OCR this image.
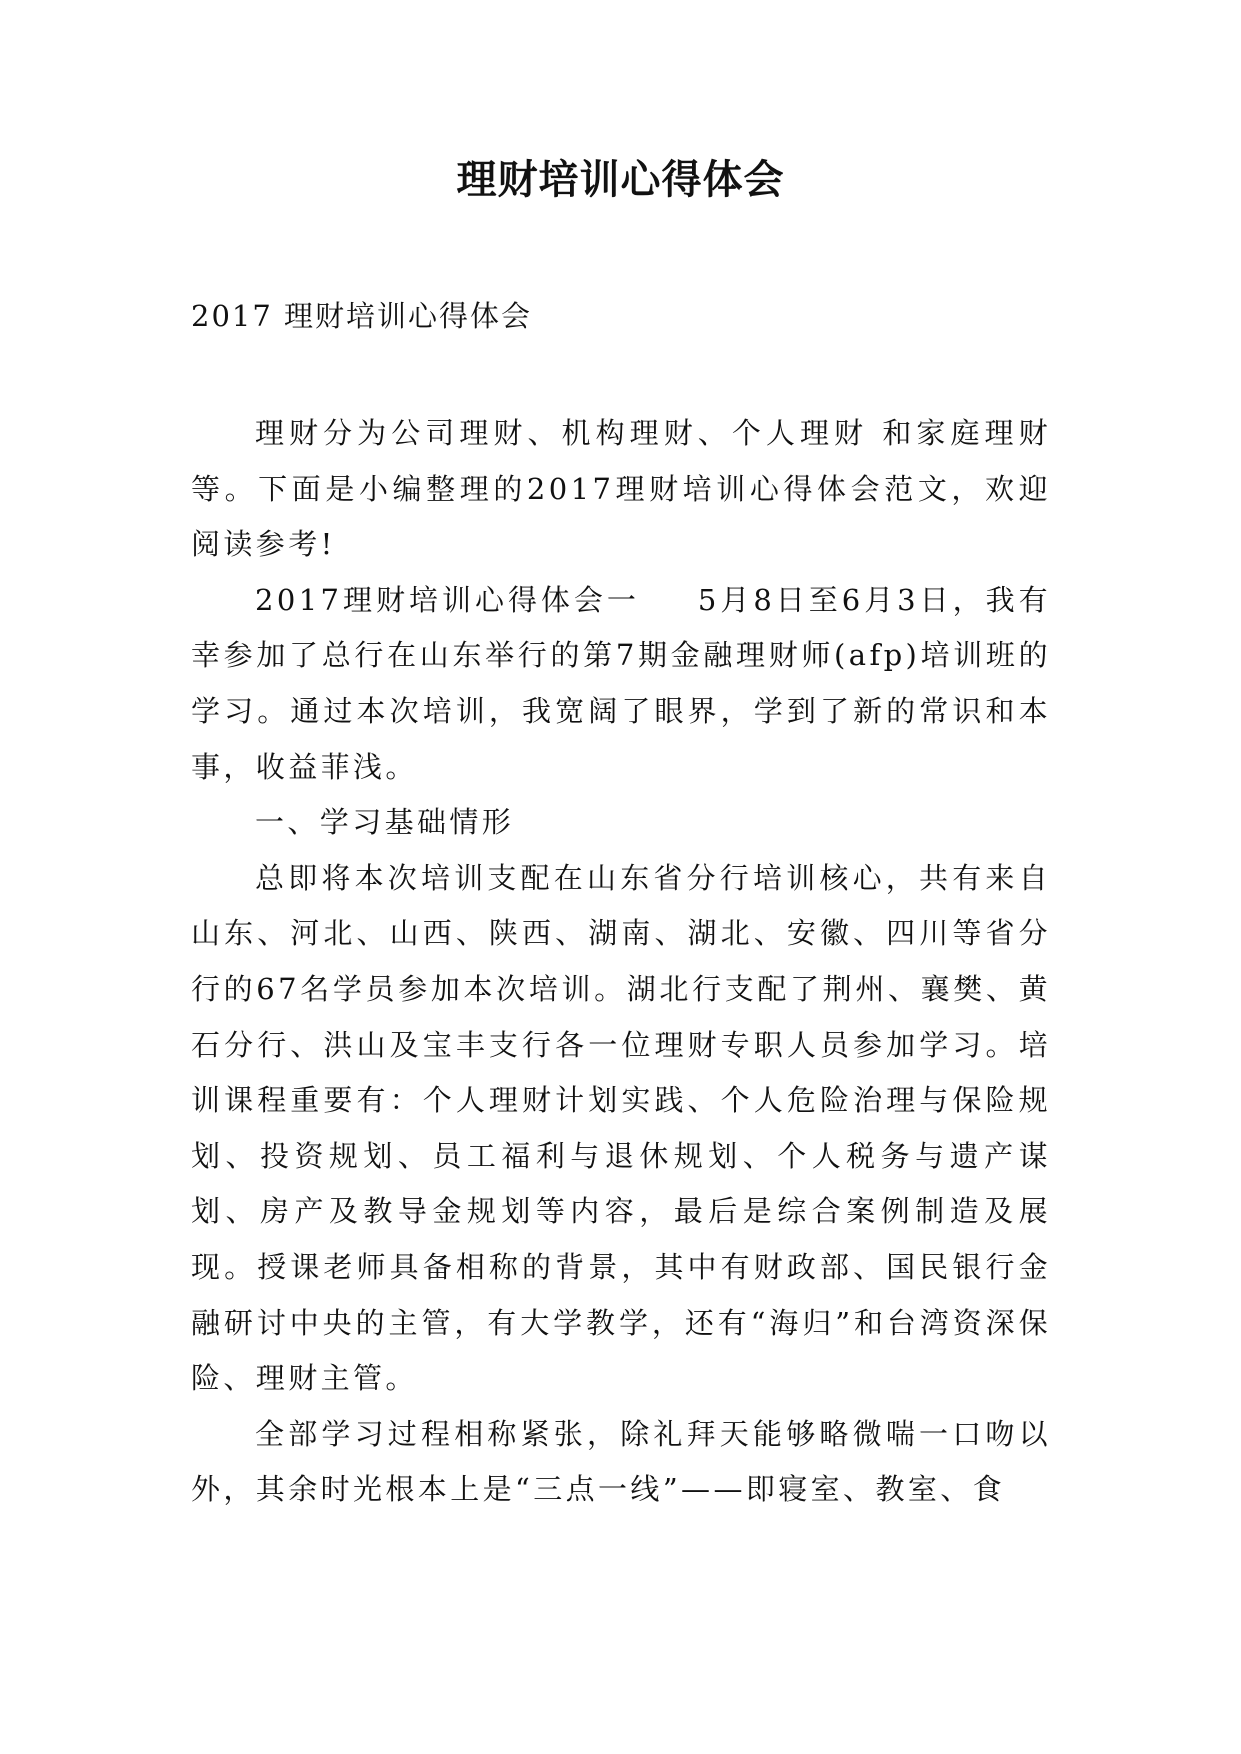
理财培训心得体会
2017 理财培训心得体会

理财分为公司理财、机构理财、个人理财 和家庭理财等。下面是小编整理的2017理财培训心得体会范文，欢迎阅读参考!

2017理财培训心得体会一 5月8日至6月3日，我有幸参加了总行在山东举行的第7期金融理财师(afp)培训班的学习。通过本次培训，我宽阔了眼界，学到了新的常识和本事，收益菲浅。

一、学习基础情形

总即将本次培训支配在山东省分行培训核心，共有来自山东、河北、山西、陕西、湖南、湖北、安徽、四川等省分行的67名学员参加本次培训。湖北行支配了荆州、襄樊、黄石分行、洪山及宝丰支行各一位理财专职人员参加学习。培训课程重要有：个人理财计划实践、个人危险治理与保险规划、投资规划、员工福利与退休规划、个人税务与遗产谋划、房产及教导金规划等内容，最后是综合案例制造及展现。授课老师具备相称的背景，其中有财政部、国民银行金融研讨中央的主管，有大学教学，还有“海归”和台湾资深保险、理财主管。

全部学习过程相称紧张，除礼拜天能够略微喘一口吻以外，其余时光根本上是“三点一线”——即寝室、教室、食
